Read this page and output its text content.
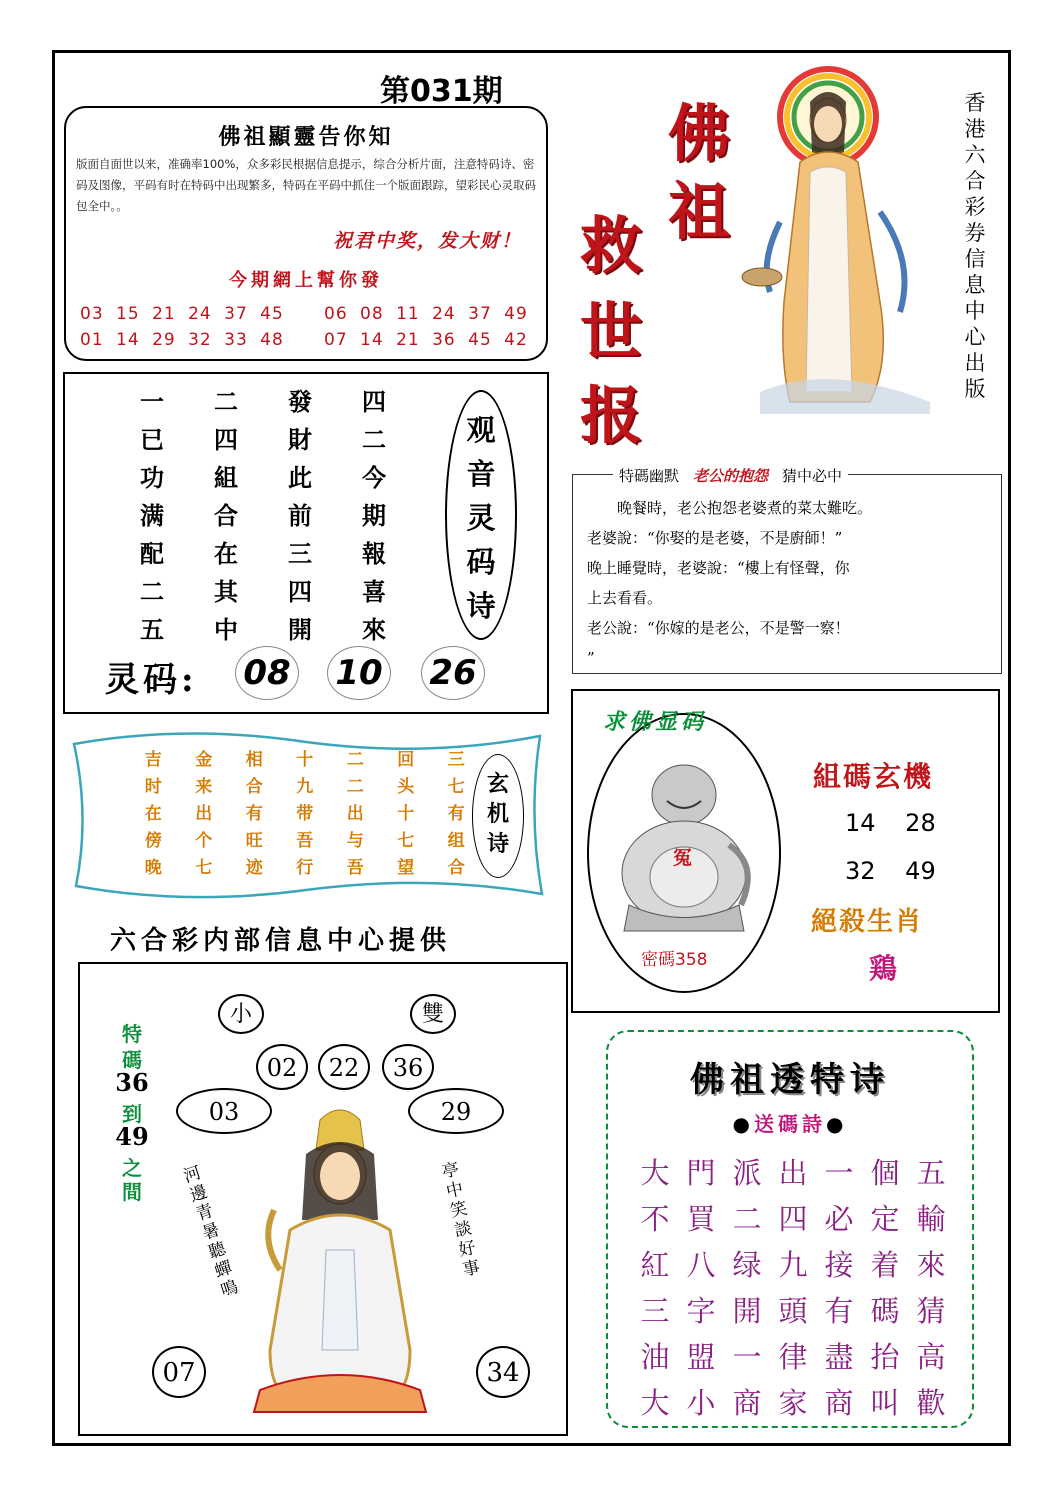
第031期
佛祖顯靈告你知
版面自面世以来，准确率100%，众多彩民根据信息提示，综合分析片面，注意特码诗、密码及图像，平码有时在特码中出现繁多，特码在平码中抓住一个版面跟踪，望彩民心灵取码包全中。。
祝君中奖，发大财！
今期網上幫你發
03 15 21 24 37 45 06 08 11 24 37 49
01 14 29 32 33 48 07 14 21 36 45 42
佛
祖
救
世
报
香
港
六
合
彩
券
信
息
中
心
出
版
一	二	發	四
已	四	財	二
功	組	此	今
满	合	前	期
配	在	三	報
二	其	四	喜
五	中	開	來
观
音
灵
码
诗
灵码: 08 10 26
特碼幽默 老公的抱怨 猜中必中
晚餐時，老公抱怨老婆煮的菜太難吃。
老婆說：“你娶的是老婆，不是廚師！”
晚上睡覺時，老婆說：“樓上有怪聲，你
上去看看。
老公說：“你嫁的是老公，不是警一察！
”
吉	金	相	十	二	回	三
时	来	合	九	二	头	七
在	出	有	带	出	十	有
傍	个	旺	吾	与	七	组
晚	七	迹	行	吾	望	合
玄
机
诗
六合彩内部信息中心提供
冤
求佛显码
密碼358
組碼玄機
14 28
32 49
絕殺生肖
鶏
小	雙
02	22	36
03	29
07	34
特
碼
36
到
49
之
間
河
邊
青
暑
聽
蟬
鳴
亭
中
笑
談
好
事
佛祖透特诗
●送碼詩●
大 門 派 出 一 個 五
不 買 二 四 必 定 輸
紅 八 绿 九 接 着 來
三 字 開 頭 有 碼 猜
油 盟 一 律 盡 抬 高
大 小 商 家 商 叫 歡
